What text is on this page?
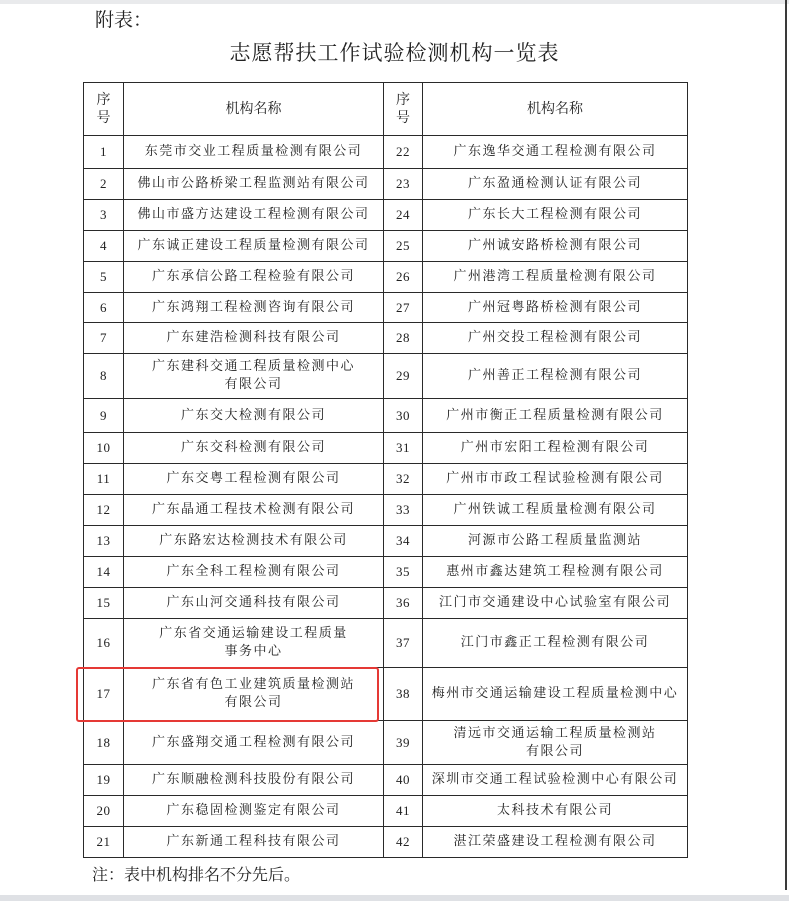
附表：
志愿帮扶工作试验检测机构一览表
序
号	机构名称	序
号	机构名称
1	东莞市交业工程质量检测有限公司	22	广东逸华交通工程检测有限公司

2	佛山市公路桥梁工程监测站有限公司	23	广东盈通检测认证有限公司

3	佛山市盛方达建设工程检测有限公司	24	广东长大工程检测有限公司

4	广东诚正建设工程质量检测有限公司	25	广州诚安路桥检测有限公司

5	广东承信公路工程检验有限公司	26	广州港湾工程质量检测有限公司

6	广东鸿翔工程检测咨询有限公司	27	广州冠粤路桥检测有限公司

7	广东建浩检测科技有限公司	28	广州交投工程检测有限公司

8	广东建科交通工程质量检测中心
有限公司	29	广州善正工程检测有限公司

9	广东交大检测有限公司	30	广州市衡正工程质量检测有限公司

10	广东交科检测有限公司	31	广州市宏阳工程检测有限公司

11	广东交粤工程检测有限公司	32	广州市市政工程试验检测有限公司

12	广东晶通工程技术检测有限公司	33	广州铁诚工程质量检测有限公司

13	广东路宏达检测技术有限公司	34	河源市公路工程质量监测站

14	广东全科工程检测有限公司	35	惠州市鑫达建筑工程检测有限公司

15	广东山河交通科技有限公司	36	江门市交通建设中心试验室有限公司

16	广东省交通运输建设工程质量
事务中心	37	江门市鑫正工程检测有限公司

17	广东省有色工业建筑质量检测站
有限公司	38	梅州市交通运输建设工程质量检测中心

18	广东盛翔交通工程检测有限公司	39	清远市交通运输工程质量检测站
有限公司

19	广东顺融检测科技股份有限公司	40	深圳市交通工程试验检测中心有限公司

20	广东稳固检测鉴定有限公司	41	太科技术有限公司

21	广东新通工程科技有限公司	42	湛江荣盛建设工程检测有限公司
注：表中机构排名不分先后。
